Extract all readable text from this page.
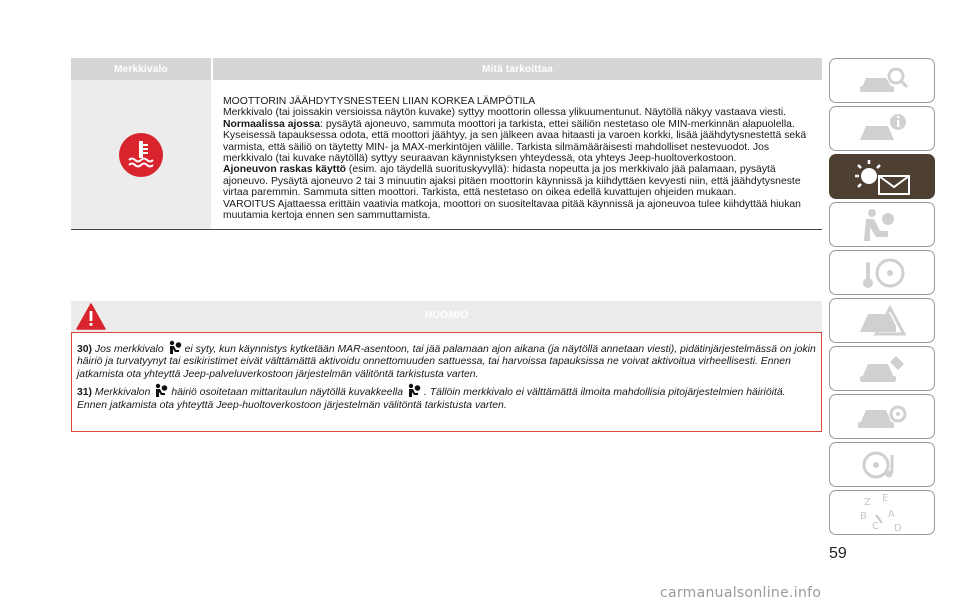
Merkkivalo	Mitä tarkoittaa

MOOTTORIN JÄÄHDYTYSNESTEEN LIIAN KORKEA LÄMPÖTILA

Merkkivalo (tai joissakin versioissa näytön kuvake) syttyy moottorin ollessa ylikuumentunut. Näytöllä näkyy vastaava viesti.

Normaalissa ajossa: pysäytä ajoneuvo, sammuta moottori ja tarkista, ettei säiliön nestetaso ole MIN-merkinnän alapuolella. Kyseisessä tapauksessa odota, että moottori jäähtyy, ja sen jälkeen avaa hitaasti ja varoen korkki, lisää jäähdytysnestettä sekä varmista, että säiliö on täytetty MIN- ja MAX-merkintöjen välille. Tarkista silmämääräisesti mahdolliset nestevuodot. Jos merkkivalo (tai kuvake näytöllä) syttyy seuraavan käynnistyksen yhteydessä, ota yhteys Jeep-huoltoverkostoon.

Ajoneuvon raskas käyttö (esim. ajo täydellä suorituskyvyllä): hidasta nopeutta ja jos merkkivalo jää palamaan, pysäytä ajoneuvo. Pysäytä ajoneuvo 2 tai 3 minuutin ajaksi pitäen moottorin käynnissä ja kiihdyttäen kevyesti niin, että jäähdytysneste virtaa paremmin. Sammuta sitten moottori. Tarkista, että nestetaso on oikea edellä kuvattujen ohjeiden mukaan.

VAROITUS Ajattaessa erittäin vaativia matkoja, moottori on suositeltavaa pitää käynnissä ja ajoneuvoa tulee kiihdyttää hiukan muutamia kertoja ennen sen sammuttamista.

HUOMIO

30) Jos merkkivalo ei syty, kun käynnistys kytketään MAR-asentoon, tai jää palamaan ajon aikana (ja näytöllä annetaan viesti), pidätinjärjestelmässä on jokin häiriö ja turvatyynyt tai esikiristimet eivät välttämättä aktivoidu onnettomuuden sattuessa, tai harvoissa tapauksissa ne voivat aktivoitua virheellisesti. Ennen jatkamista ota yhteyttä Jeep-palveluverkostoon järjestelmän välitöntä tarkistusta varten.

31) Merkkivalon häiriö osoitetaan mittaritaulun näytöllä kuvakkeella . Tällöin merkkivalo ei välttämättä ilmoita mahdollisia pitojärjestelmien häiriöitä. Ennen jatkamista ota yhteyttä Jeep-huoltoverkostoon järjestelmän välitöntä tarkistusta varten.

Z E
B A
C D
59
carmanualsonline.info
